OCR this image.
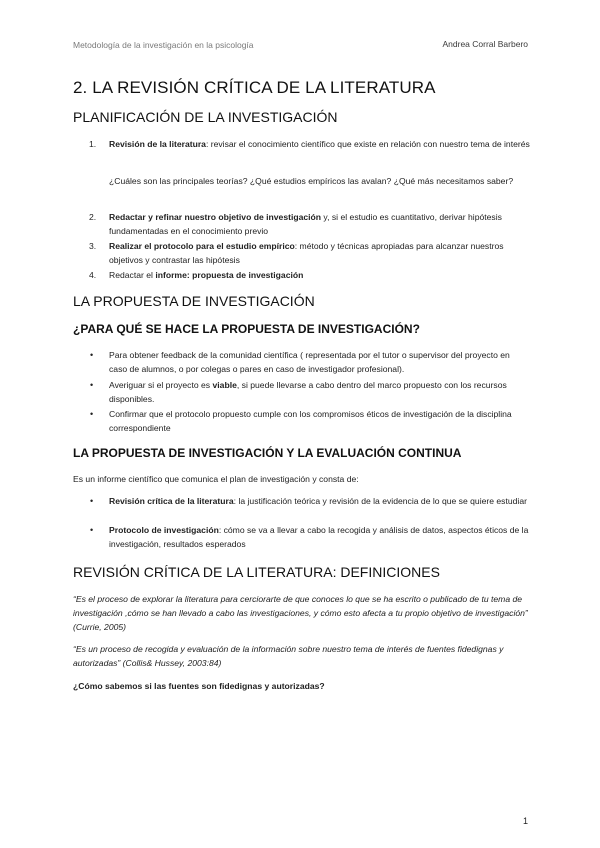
Metodología de la investigación en la psicología	Andrea Corral Barbero
2. LA REVISIÓN CRÍTICA DE LA LITERATURA
PLANIFICACIÓN DE LA INVESTIGACIÓN
1. Revisión de la literatura: revisar el conocimiento científico que existe en relación con nuestro tema de interés
¿Cuáles son las principales teorías? ¿Qué estudios empíricos las avalan? ¿Qué más necesitamos saber?
2. Redactar y refinar nuestro objetivo de investigación y, si el estudio es cuantitativo, derivar hipótesis fundamentadas en el conocimiento previo
3. Realizar el protocolo para el estudio empírico: método y técnicas apropiadas para alcanzar nuestros objetivos y contrastar las hipótesis
4. Redactar el informe: propuesta de investigación
LA PROPUESTA DE INVESTIGACIÓN
¿PARA QUÉ SE HACE LA PROPUESTA DE INVESTIGACIÓN?
• Para obtener feedback de la comunidad científica ( representada por el tutor o supervisor del proyecto en caso de alumnos, o por colegas o pares en caso de investigador profesional).
• Averiguar si el proyecto es viable, si puede llevarse a cabo dentro del marco propuesto con los recursos disponibles.
• Confirmar que el protocolo propuesto cumple con los compromisos éticos de investigación de la disciplina correspondiente
LA PROPUESTA DE INVESTIGACIÓN Y LA EVALUACIÓN CONTINUA
Es un informe científico que comunica el plan de investigación y consta de:
• Revisión crítica de la literatura: la justificación teórica y revisión de la evidencia de lo que se quiere estudiar
• Protocolo de investigación: cómo se va a llevar a cabo la recogida y análisis de datos, aspectos éticos de la investigación, resultados esperados
REVISIÓN CRÍTICA DE LA LITERATURA: DEFINICIONES
“Es el proceso de explorar la literatura para cerciorarte de que conoces lo que se ha escrito o publicado de tu tema de investigación ,cómo se han llevado a cabo las investigaciones, y cómo esto afecta a tu propio objetivo de investigación” (Currie, 2005)
“Es un proceso de recogida y evaluación de la información sobre nuestro tema de interés de fuentes fidedignas y autorizadas” (Collis& Hussey, 2003:84)
¿Cómo sabemos si las fuentes son fidedignas y autorizadas?
1
